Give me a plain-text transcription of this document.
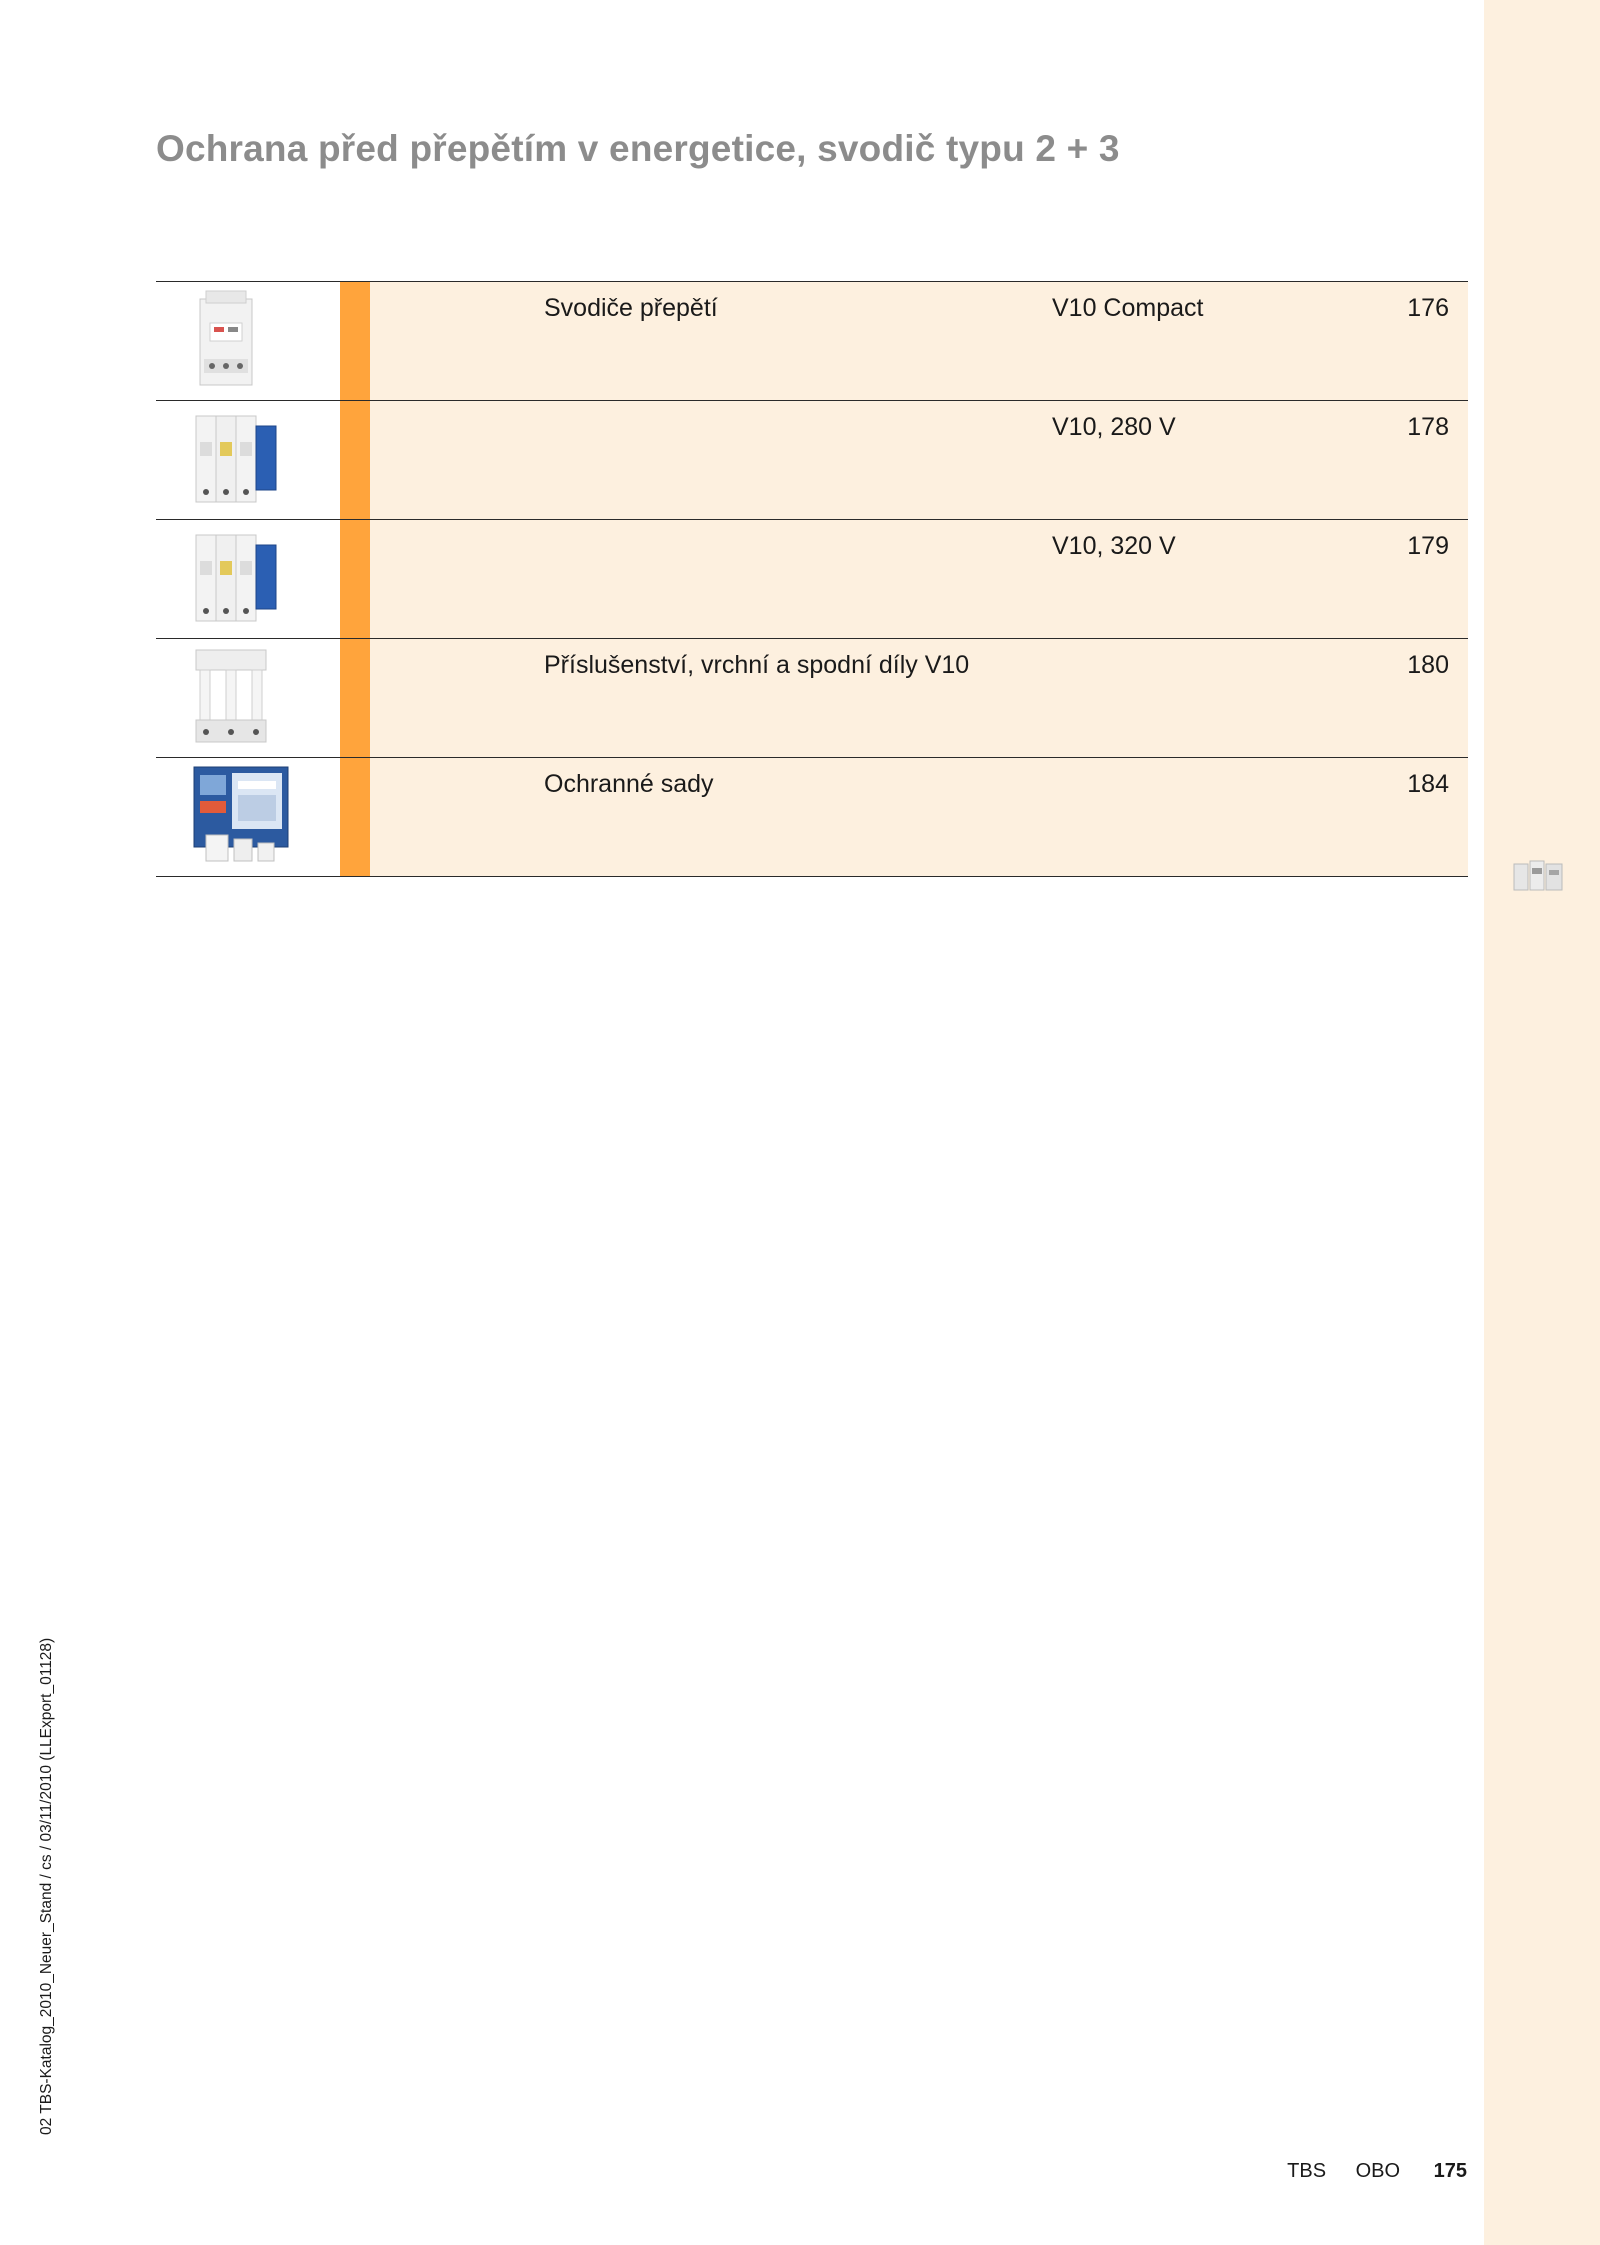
Ochrana před přepětím v energetice, svodič typu 2 + 3
Svodiče přepětí	V10 Compact	176
V10, 280 V	178
V10, 320 V	179
Příslušenství, vrchní a spodní díly V10	180
Ochranné sady	184
02 TBS-Katalog_2010_Neuer_Stand / cs / 03/11/2010 (LLExport_01128)
TBS OBO 175
